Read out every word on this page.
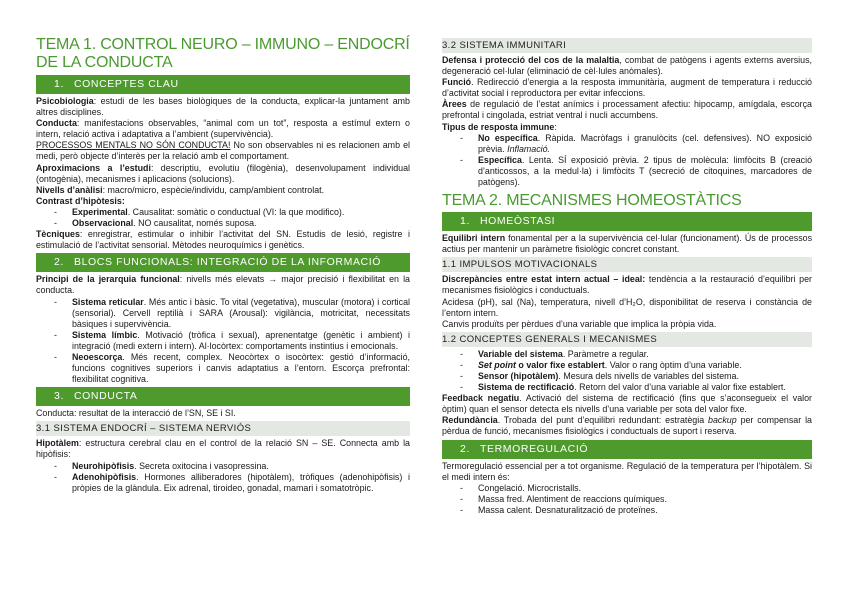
TEMA 1. CONTROL NEURO – IMMUNO – ENDOCRÍ DE LA CONDUCTA
1. CONCEPTES CLAU

Psicobiologia: estudi de les bases biològiques de la conducta, explicar-la juntament amb altres disciplines.

Conducta: manifestacions observables, “animal com un tot”, resposta a estímul extern o intern, relació activa i adaptativa a l’ambient (supervivència).

PROCESSOS MENTALS NO SÓN CONDUCTA! No son observables ni es relacionen amb el medi, però objecte d’interès per la relació amb el comportament.

Aproximacions a l’estudi: descriptiu, evolutiu (filogènia), desenvolupament individual (ontogènia), mecanismes i aplicacions (solucions).

Nivells d’anàlisi: macro/micro, espècie/individu, camp/ambient controlat.

Contrast d’hipòtesis:

- Experimental. Causalitat: somàtic o conductual (VI: la que modifico).
- Observacional. NO causalitat, només suposa.

Tècniques: enregistrar, estimular o inhibir l’activitat del SN. Estudis de lesió, registre i estimulació de l’activitat sensorial. Mètodes neuroquímics i genètics.

2. BLOCS FUNCIONALS: INTEGRACIÓ DE LA INFORMACIÓ

Principi de la jerarquia funcional: nivells més elevats → major precisió i flexibilitat en la conducta.

- Sistema reticular. Més antic i bàsic. To vital (vegetativa), muscular (motora) i cortical (sensorial). Cervell reptilià i SARA (Arousal): vigilància, motricitat, necessitats bàsiques i supervivència.
- Sistema límbic. Motivació (tròfica i sexual), aprenentatge (genètic i ambient) i integració (medi extern i intern). Al·locòrtex: comportaments instintius i emocionals.
- Neoescorça. Més recent, complex. Neocòrtex o isocòrtex: gestió d’informació, funcions cognitives superiors i canvis adaptatius a l’entorn. Escorça prefrontal: flexibilitat cognitiva.
3. CONDUCTA

Conducta: resultat de la interacció de l’SN, SE i SI.

3.1 SISTEMA ENDOCRÍ – SISTEMA NERVIÓS

Hipotàlem: estructura cerebral clau en el control de la relació SN – SE. Connecta amb la hipòfisis:

- Neurohipòfisis. Secreta oxitocina i vasopressina.
- Adenohipòfisis. Hormones alliberadores (hipotàlem), tròfiques (adenohipòfisis) i pròpies de la glàndula. Eix adrenal, tiroideo, gonadal, mamari i somatotròpic.
3.2 SISTEMA IMMUNITARI

Defensa i protecció del cos de la malaltia, combat de patògens i agents externs aversius, degeneració cel·lular (eliminació de cèl·lules anòmales).

Funció. Redirecció d’energia a la resposta immunitària, augment de temperatura i reducció d’activitat social i reproductora per evitar infeccions.

Àrees de regulació de l’estat anímics i processament afectiu: hipocamp, amígdala, escorça prefrontal i cingolada, estriat ventral i nucli accumbens.

Tipus de resposta immune:

- No específica. Ràpida. Macròfags i granulòcits (cel. defensives). NO exposició prèvia. Inflamació.
- Específica. Lenta. SÍ exposició prèvia. 2 tipus de molècula: limfòcits B (creació d’anticossos, a la medul·la) i limfòcits T (secreció de citoquines, marcadores de patògens).
TEMA 2. MECANISMES HOMEOSTÀTICS
1. HOMEÒSTASI

Equilibri intern fonamental per a la supervivència cel·lular (funcionament). Ús de processos actius per mantenir un paràmetre fisiològic concret constant.

1.1 IMPULSOS MOTIVACIONALS

Discrepàncies entre estat intern actual – ideal: tendència a la restauració d’equilibri per mecanismes fisiològics i conductuals.

Acidesa (pH), sal (Na), temperatura, nivell d’H₂O, disponibilitat de reserva i constància de l’entorn intern.

Canvis produïts per pèrdues d’una variable que implica la pròpia vida.

1.2 CONCEPTES GENERALS I MECANISMES
- Variable del sistema. Paràmetre a regular.
- Set point o valor fixe establert. Valor o rang òptim d’una variable.
- Sensor (hipotàlem). Mesura dels nivells de variables del sistema.
- Sistema de rectificació. Retorn del valor d’una variable al valor fixe establert.

Feedback negatiu. Activació del sistema de rectificació (fins que s’aconsegueix el valor òptim) quan el sensor detecta els nivells d’una variable per sota del valor fixe.

Redundància. Trobada del punt d’equilibri redundant: estratègia backup per compensar la pèrdua de funció, mecanismes fisiològics i conductuals de suport i reserva.

2. TERMOREGULACIÓ

Termoregulació essencial per a tot organisme. Regulació de la temperatura per l’hipotàlem. Si el medi intern és:

- Congelació. Microcristalls.
- Massa fred. Alentiment de reaccions químiques.
- Massa calent. Desnaturalització de proteïnes.
